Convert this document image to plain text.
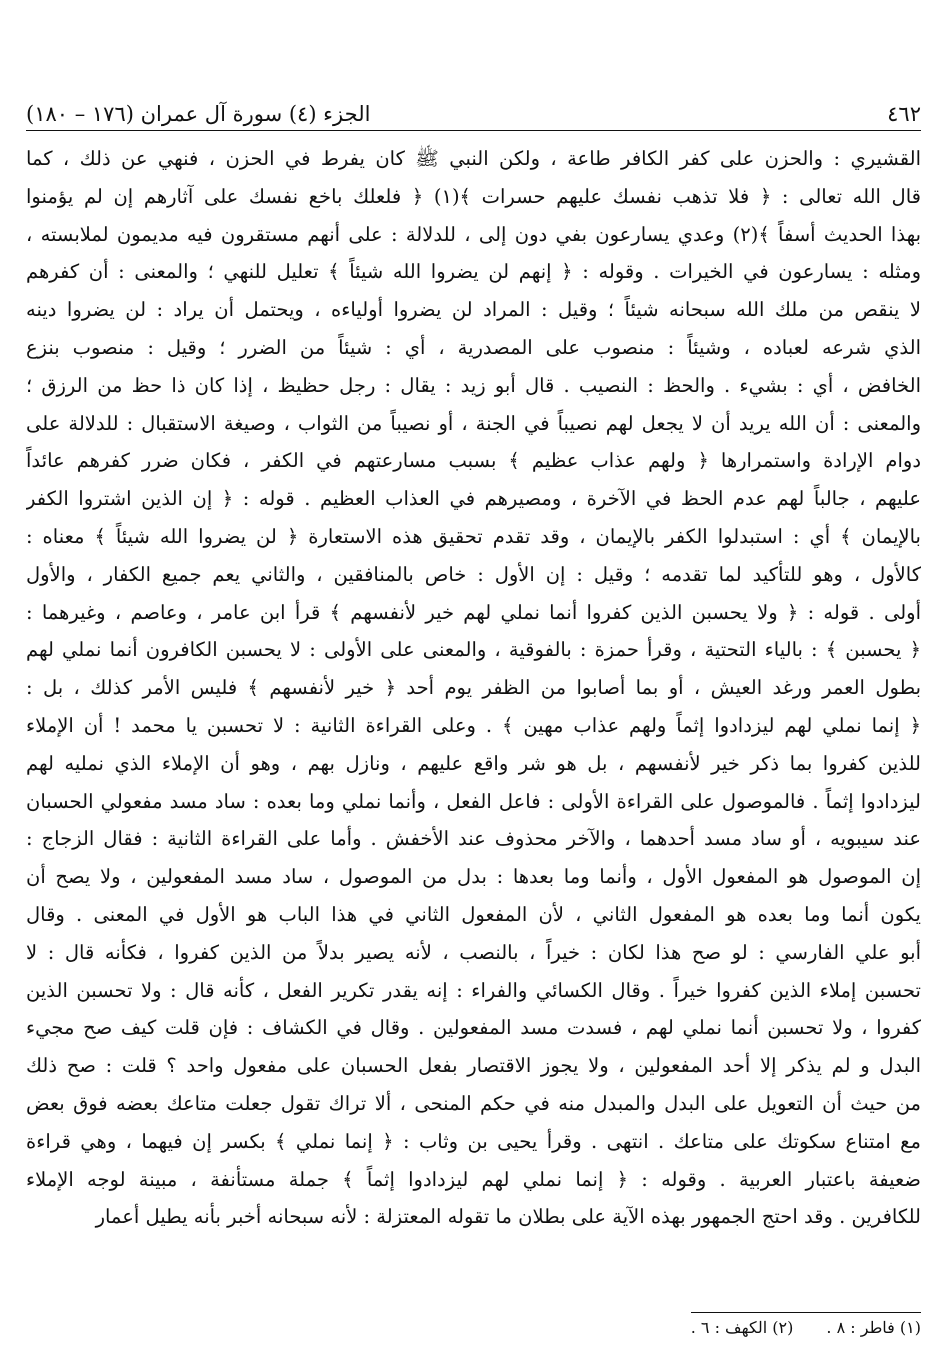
٤٦٢
الجزء (٤) سورة آل عمران (١٧٦ – ١٨٠)
القشيري : والحزن على كفر الكافر طاعة ، ولكن النبي ﷺ كان يفرط في الحزن ، فنهي عن ذلك ، كما
قال الله تعالى : ﴿ فلا تذهب نفسك عليهم حسرات ﴾(١) ﴿ فلعلك باخع نفسك على آثارهم إن لم يؤمنوا
بهذا الحديث أسفاً ﴾(٢) وعدي يسارعون بفي دون إلى ، للدلالة : على أنهم مستقرون فيه مديمون لملابسته ،
ومثله : يسارعون في الخيرات . وقوله : ﴿ إنهم لن يضروا الله شيئاً ﴾ تعليل للنهي ؛ والمعنى : أن كفرهم
لا ينقص من ملك الله سبحانه شيئاً ؛ وقيل : المراد لن يضروا أولياءه ، ويحتمل أن يراد : لن يضروا دينه
الذي شرعه لعباده ، وشيئاً : منصوب على المصدرية ، أي : شيئاً من الضرر ؛ وقيل : منصوب بنزع
الخافض ، أي : بشيء . والحظ : النصيب . قال أبو زيد : يقال : رجل حظيظ ، إذا كان ذا حظ من الرزق ؛
والمعنى : أن الله يريد أن لا يجعل لهم نصيباً في الجنة ، أو نصيباً من الثواب ، وصيغة الاستقبال : للدلالة على
دوام الإرادة واستمرارها ﴿ ولهم عذاب عظيم ﴾ بسبب مسارعتهم في الكفر ، فكان ضرر كفرهم عائداً
عليهم ، جالباً لهم عدم الحظ في الآخرة ، ومصيرهم في العذاب العظيم . قوله : ﴿ إن الذين اشتروا الكفر
بالإيمان ﴾ أي : استبدلوا الكفر بالإيمان ، وقد تقدم تحقيق هذه الاستعارة ﴿ لن يضروا الله شيئاً ﴾ معناه :
كالأول ، وهو للتأكيد لما تقدمه ؛ وقيل : إن الأول : خاص بالمنافقين ، والثاني يعم جميع الكفار ، والأول
أولى . قوله : ﴿ ولا يحسبن الذين كفروا أنما نملي لهم خير لأنفسهم ﴾ قرأ ابن عامر ، وعاصم ، وغيرهما :
﴿ يحسبن ﴾ : بالياء التحتية ، وقرأ حمزة : بالفوقية ، والمعنى على الأولى : لا يحسبن الكافرون أنما نملي لهم
بطول العمر ورغد العيش ، أو بما أصابوا من الظفر يوم أحد ﴿ خير لأنفسهم ﴾ فليس الأمر كذلك ، بل :
﴿ إنما نملي لهم ليزدادوا إثماً ولهم عذاب مهين ﴾ . وعلى القراءة الثانية : لا تحسبن يا محمد ! أن الإملاء
للذين كفروا بما ذكر خير لأنفسهم ، بل هو شر واقع عليهم ، ونازل بهم ، وهو أن الإملاء الذي نمليه لهم
ليزدادوا إثماً . فالموصول على القراءة الأولى : فاعل الفعل ، وأنما نملي وما بعده : ساد مسد مفعولي الحسبان
عند سيبويه ، أو ساد مسد أحدهما ، والآخر محذوف عند الأخفش . وأما على القراءة الثانية : فقال الزجاج :
إن الموصول هو المفعول الأول ، وأنما وما بعدها : بدل من الموصول ، ساد مسد المفعولين ، ولا يصح أن
يكون أنما وما بعده هو المفعول الثاني ، لأن المفعول الثاني في هذا الباب هو الأول في المعنى . وقال
أبو علي الفارسي : لو صح هذا لكان : خيراً ، بالنصب ، لأنه يصير بدلاً من الذين كفروا ، فكأنه قال : لا
تحسبن إملاء الذين كفروا خيراً . وقال الكسائي والفراء : إنه يقدر تكرير الفعل ، كأنه قال : ولا تحسبن الذين
كفروا ، ولا تحسبن أنما نملي لهم ، فسدت مسد المفعولين . وقال في الكشاف : فإن قلت كيف صح مجيء
البدل و لم يذكر إلا أحد المفعولين ، ولا يجوز الاقتصار بفعل الحسبان على مفعول واحد ؟ قلت : صح ذلك
من حيث أن التعويل على البدل والمبدل منه في حكم المنحى ، ألا تراك تقول جعلت متاعك بعضه فوق بعض
مع امتناع سكوتك على متاعك . انتهى . وقرأ يحيى بن وثاب : ﴿ إنما نملي ﴾ بكسر إن فيهما ، وهي قراءة
ضعيفة باعتبار العربية . وقوله : ﴿ إنما نملي لهم ليزدادوا إثماً ﴾ جملة مستأنفة ، مبينة لوجه الإملاء
للكافرين . وقد احتج الجمهور بهذه الآية على بطلان ما تقوله المعتزلة : لأنه سبحانه أخبر بأنه يطيل أعمار
(١) فاطر : ٨ . (٢) الكهف : ٦ .
